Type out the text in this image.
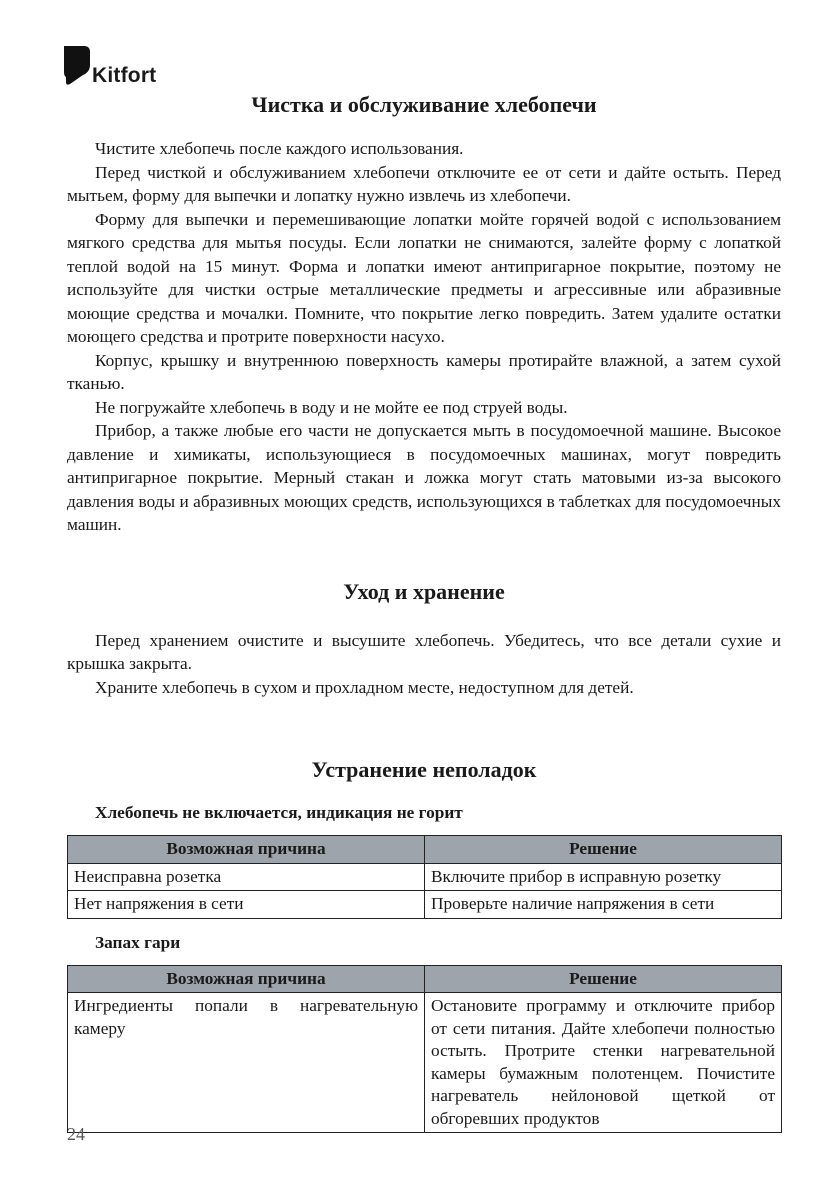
Kitfort
Чистка и обслуживание хлебопечи

Чистите хлебопечь после каждого использования.

Перед чисткой и обслуживанием хлебопечи отключите ее от сети и дайте остыть. Перед мытьем, форму для выпечки и лопатку нужно извлечь из хлебопечи.

Форму для выпечки и перемешивающие лопатки мойте горячей водой с использованием мягкого средства для мытья посуды. Если лопатки не снимаются, залейте форму с лопаткой теплой водой на 15 минут. Форма и лопатки имеют антипригарное покрытие, поэтому не используйте для чистки острые металлические предметы и агрессивные или абразивные моющие средства и мочалки. Помните, что покрытие легко повредить. Затем удалите остатки моющего средства и протрите поверхности насухо.

Корпус, крышку и внутреннюю поверхность камеры протирайте влажной, а затем сухой тканью.

Не погружайте хлебопечь в воду и не мойте ее под струей воды.

Прибор, а также любые его части не допускается мыть в посудомоечной машине. Высокое давление и химикаты, использующиеся в посудомоечных машинах, могут повредить антипригарное покрытие. Мерный стакан и ложка могут стать матовыми из-за высокого давления воды и абразивных моющих средств, использующихся в таблетках для посудомоечных машин.

Уход и хранение

Перед хранением очистите и высушите хлебопечь. Убедитесь, что все детали сухие и крышка закрыта.

Храните хлебопечь в сухом и прохладном месте, недоступном для детей.

Устранение неполадок

Хлебопечь не включается, индикация не горит

Возможная причина	Решение
Неисправна розетка	Включите прибор в исправную розетку
Нет напряжения в сети	Проверьте наличие напряжения в сети

Запах гари

Возможная причина	Решение
Ингредиенты попали в нагревательную камеру	Остановите программу и отключите прибор от сети питания. Дайте хлебопечи полностью остыть. Протрите стенки нагревательной камеры бумажным полотенцем. Почистите нагреватель нейлоновой щеткой от обгоревших продуктов
24
